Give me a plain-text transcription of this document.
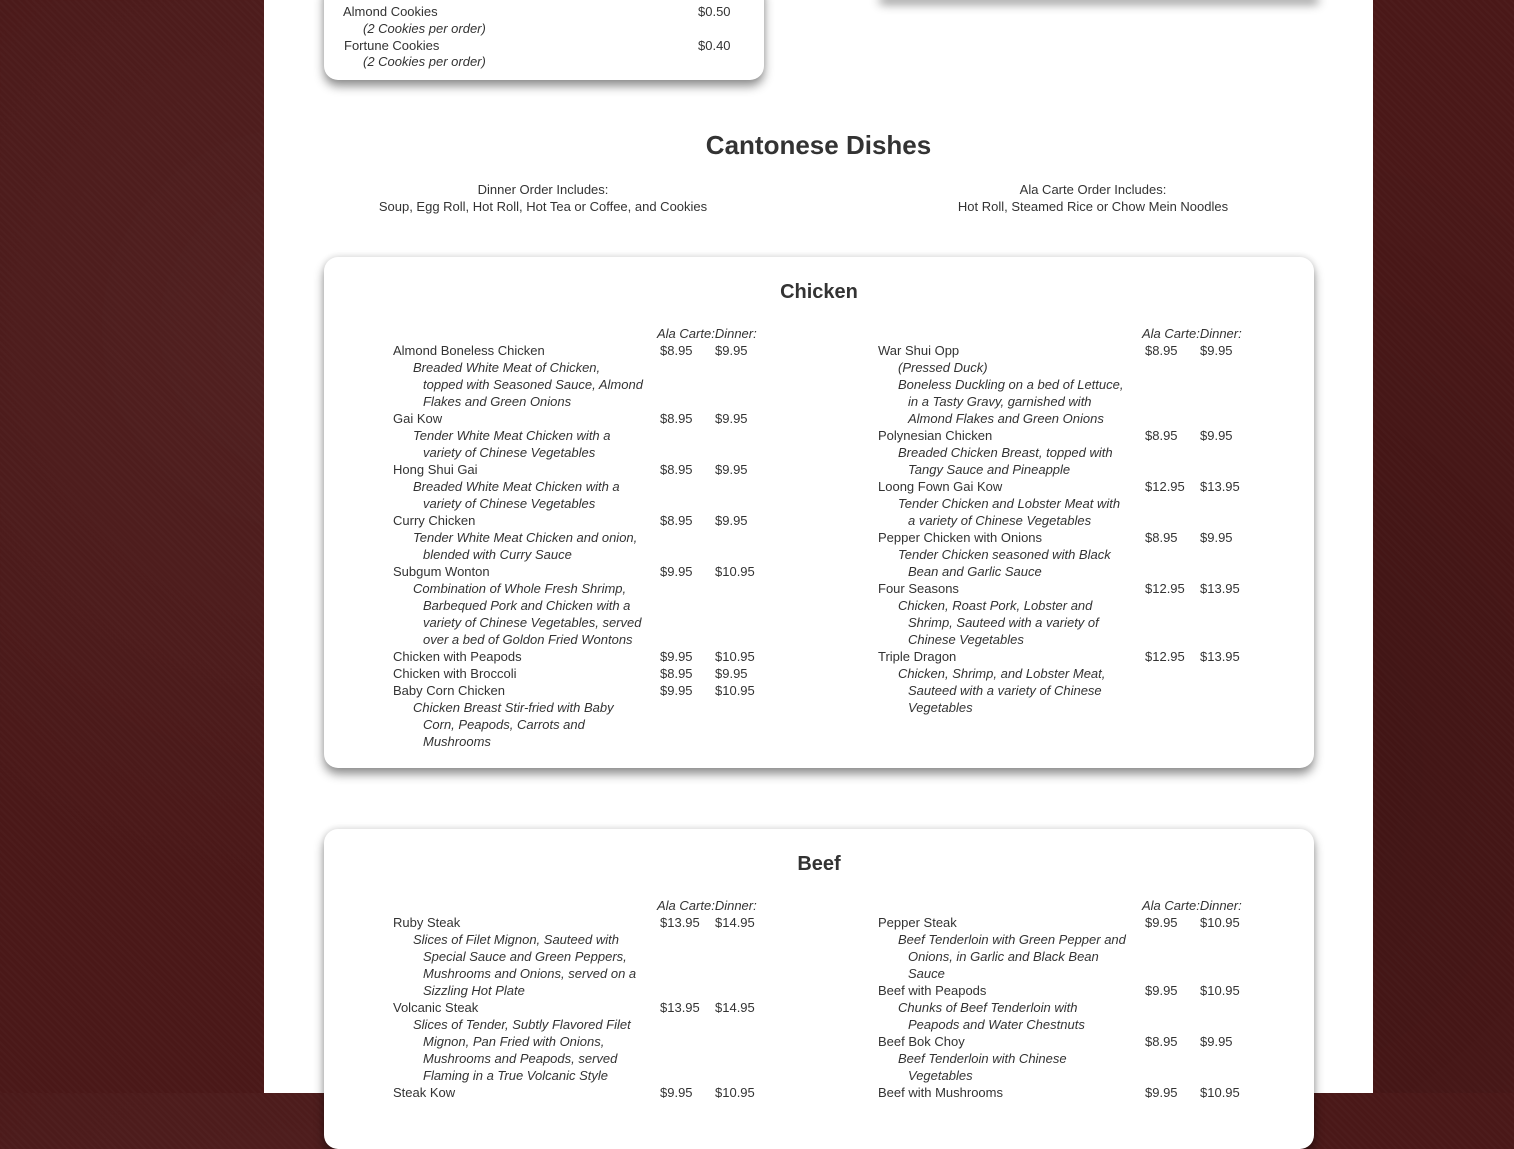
Almond Cookies
(2 Cookies per order)
$0.50
Fortune Cookies
(2 Cookies per order)
$0.40
Cantonese Dishes
Dinner Order Includes:
Soup, Egg Roll, Hot Roll, Hot Tea or Coffee, and Cookies
Ala Carte Order Includes:
Hot Roll, Steamed Rice or Chow Mein Noodles
Chicken
Ala Carte:Dinner:
Almond Boneless Chicken	$8.95 $9.95
Breaded White Meat of Chicken, topped with Seasoned Sauce, Almond Flakes and Green Onions
Gai Kow	$8.95 $9.95
Tender White Meat Chicken with a variety of Chinese Vegetables
Hong Shui Gai	$8.95 $9.95
Breaded White Meat Chicken with a variety of Chinese Vegetables
Curry Chicken	$8.95 $9.95
Tender White Meat Chicken and onion, blended with Curry Sauce
Subgum Wonton	$9.95 $10.95
Combination of Whole Fresh Shrimp, Barbequed Pork and Chicken with a variety of Chinese Vegetables, served over a bed of Goldon Fried Wontons
Chicken with Peapods	$9.95 $10.95
Chicken with Broccoli	$8.95 $9.95
Baby Corn Chicken	$9.95 $10.95
Chicken Breast Stir-fried with Baby Corn, Peapods, Carrots and Mushrooms
Ala Carte:Dinner:
War Shui Opp	$8.95 $9.95
(Pressed Duck)
Boneless Duckling on a bed of Lettuce, in a Tasty Gravy, garnished with Almond Flakes and Green Onions
Polynesian Chicken	$8.95 $9.95
Breaded Chicken Breast, topped with Tangy Sauce and Pineapple
Loong Fown Gai Kow	$12.95 $13.95
Tender Chicken and Lobster Meat with a variety of Chinese Vegetables
Pepper Chicken with Onions	$8.95 $9.95
Tender Chicken seasoned with Black Bean and Garlic Sauce
Four Seasons	$12.95 $13.95
Chicken, Roast Pork, Lobster and Shrimp, Sauteed with a variety of Chinese Vegetables
Triple Dragon	$12.95 $13.95
Chicken, Shrimp, and Lobster Meat, Sauteed with a variety of Chinese Vegetables
Beef
Ala Carte:Dinner:
Ruby Steak	$13.95 $14.95
Slices of Filet Mignon, Sauteed with Special Sauce and Green Peppers, Mushrooms and Onions, served on a Sizzling Hot Plate
Volcanic Steak	$13.95 $14.95
Slices of Tender, Subtly Flavored Filet Mignon, Pan Fried with Onions, Mushrooms and Peapods, served Flaming in a True Volcanic Style
Steak Kow	$9.95 $10.95
Ala Carte:Dinner:
Pepper Steak	$9.95 $10.95
Beef Tenderloin with Green Pepper and Onions, in Garlic and Black Bean Sauce
Beef with Peapods	$9.95 $10.95
Chunks of Beef Tenderloin with Peapods and Water Chestnuts
Beef Bok Choy	$8.95 $9.95
Beef Tenderloin with Chinese Vegetables
Beef with Mushrooms	$9.95 $10.95
